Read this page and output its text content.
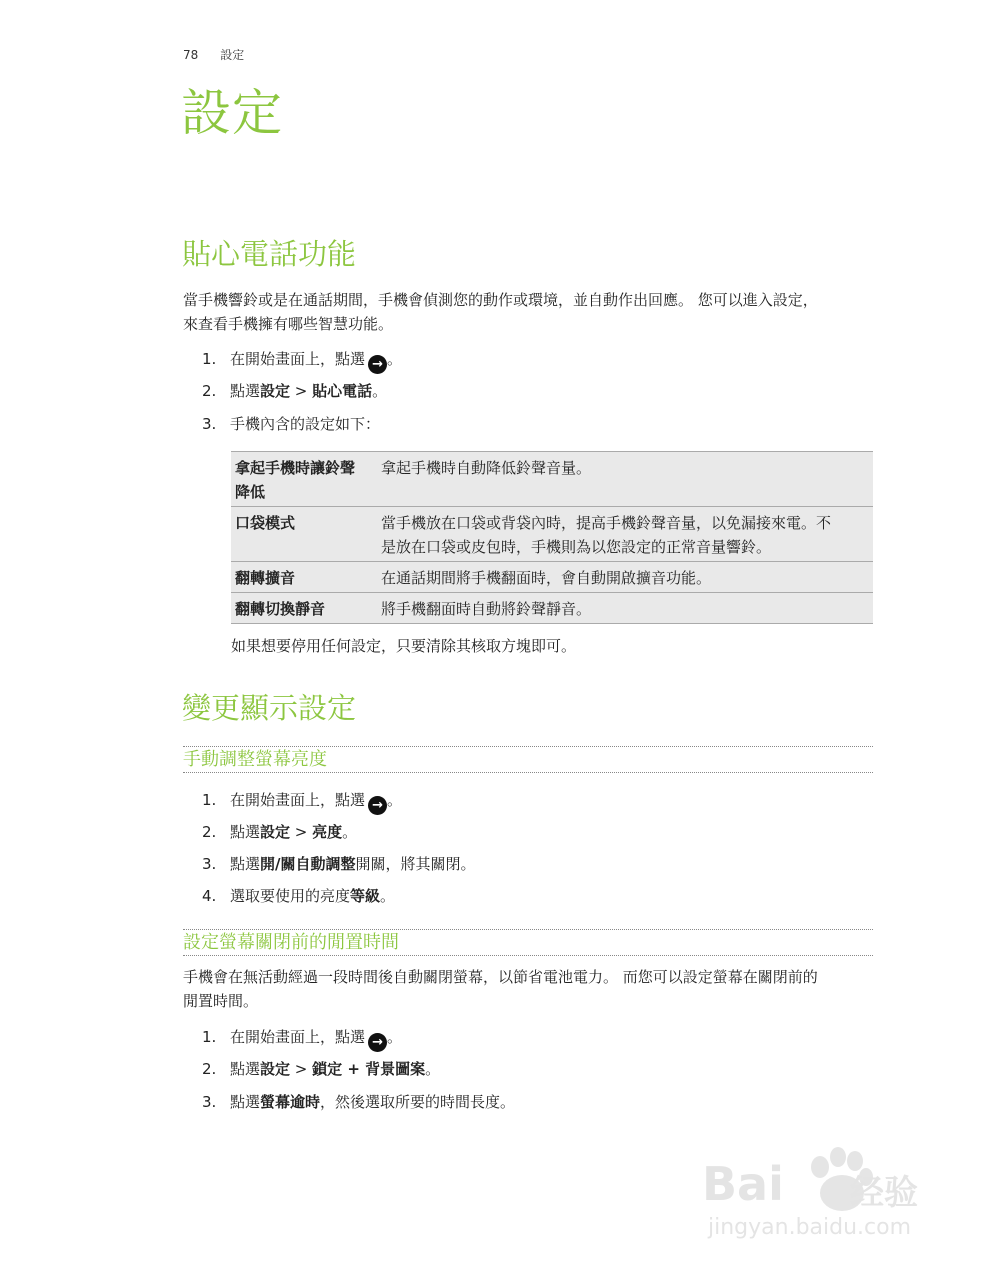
78 設定
設定
貼心電話功能

當手機響鈴或是在通話期間，手機會偵測您的動作或環境，並自動作出回應。 您可以進入設定，
來查看手機擁有哪些智慧功能。

1. 在開始畫面上，點選 → 。
2. 點選設定 > 貼心電話。
3. 手機內含的設定如下：
拿起手機時讓鈴聲
降低	拿起手機時自動降低鈴聲音量。
口袋模式	當手機放在口袋或背袋內時，提高手機鈴聲音量，以免漏接來電。不
是放在口袋或皮包時，手機則為以您設定的正常音量響鈴。
翻轉擴音	在通話期間將手機翻面時，會自動開啟擴音功能。
翻轉切換靜音	將手機翻面時自動將鈴聲靜音。

如果想要停用任何設定，只要清除其核取方塊即可。

變更顯示設定
手動調整螢幕亮度
1. 在開始畫面上，點選 → 。
2. 點選設定 > 亮度。
3. 點選開/關自動調整開關，將其關閉。
4. 選取要使用的亮度等級。
設定螢幕關閉前的閒置時間

手機會在無活動經過一段時間後自動關閉螢幕，以節省電池電力。 而您可以設定螢幕在關閉前的
閒置時間。

1. 在開始畫面上，點選 → 。
2. 點選設定 > 鎖定 + 背景圖案。
3. 點選螢幕逾時，然後選取所要的時間長度。
Baidu 经验
jingyan.baidu.com
